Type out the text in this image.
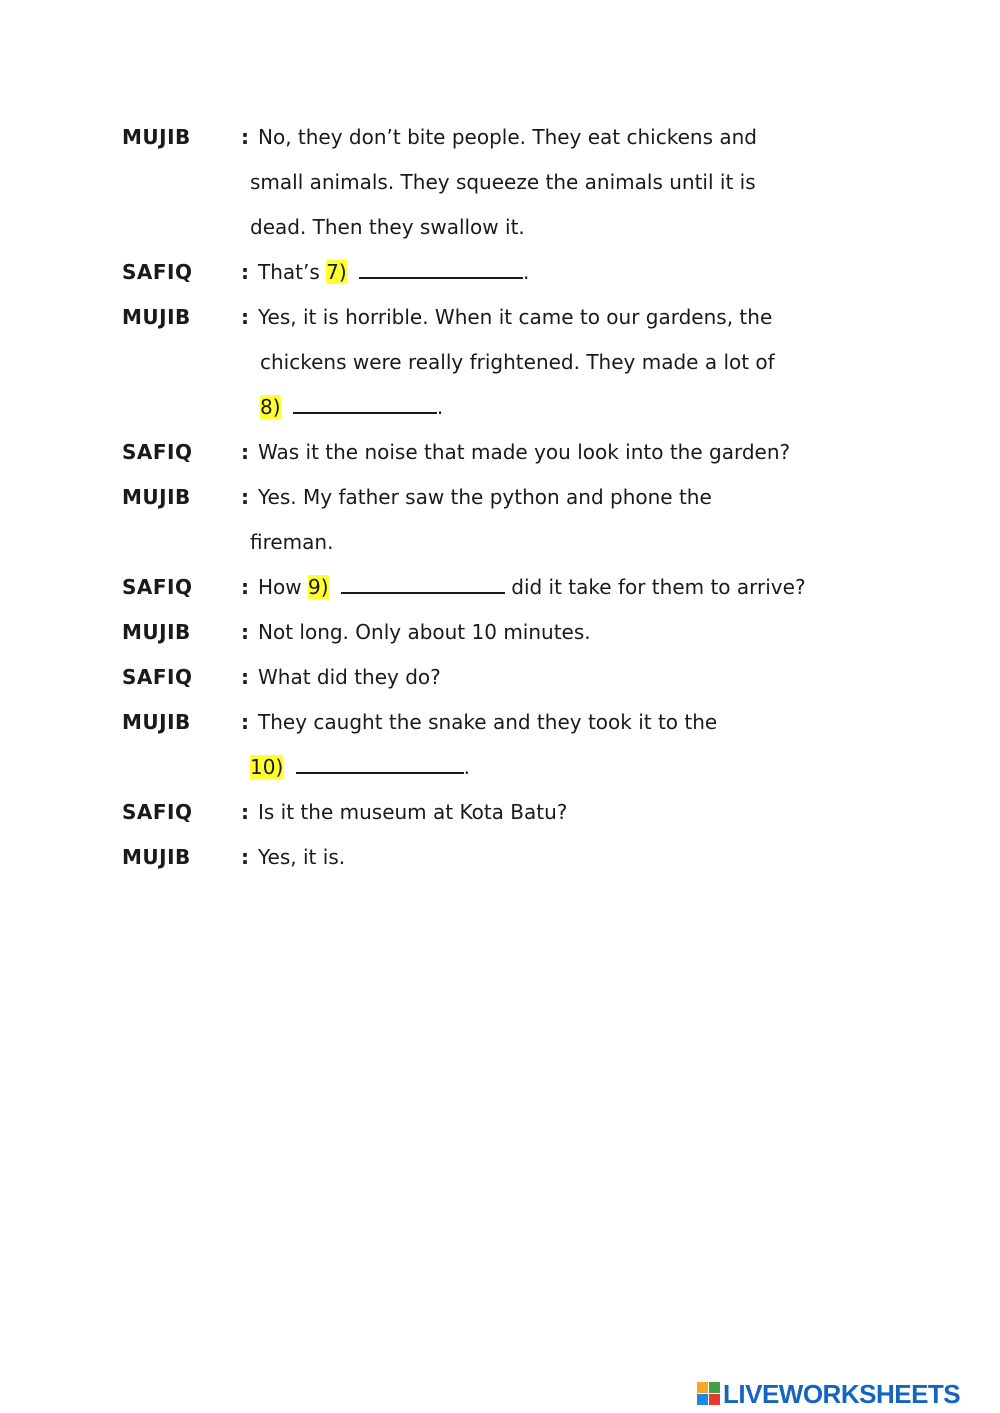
MUJIB	: No, they don’t bite people. They eat chickens and
small animals. They squeeze the animals until it is
dead. Then they swallow it.
SAFIQ : That’s 7)	.
MUJIB	: Yes, it is horrible. When it came to our gardens, the
chickens were really frightened. They made a lot of
8)	.
SAFIQ : Was it the noise that made you look into the garden?
MUJIB	: Yes. My father saw the python and phone the
fireman.
SAFIQ : How 9)	did it take for them to arrive?
MUJIB	: Not long. Only about 10 minutes.
SAFIQ : What did they do?
MUJIB	: They caught the snake and they took it to the
10)	.
SAFIQ : Is it the museum at Kota Batu?
MUJIB	: Yes, it is.
LIVEWORKSHEETS
